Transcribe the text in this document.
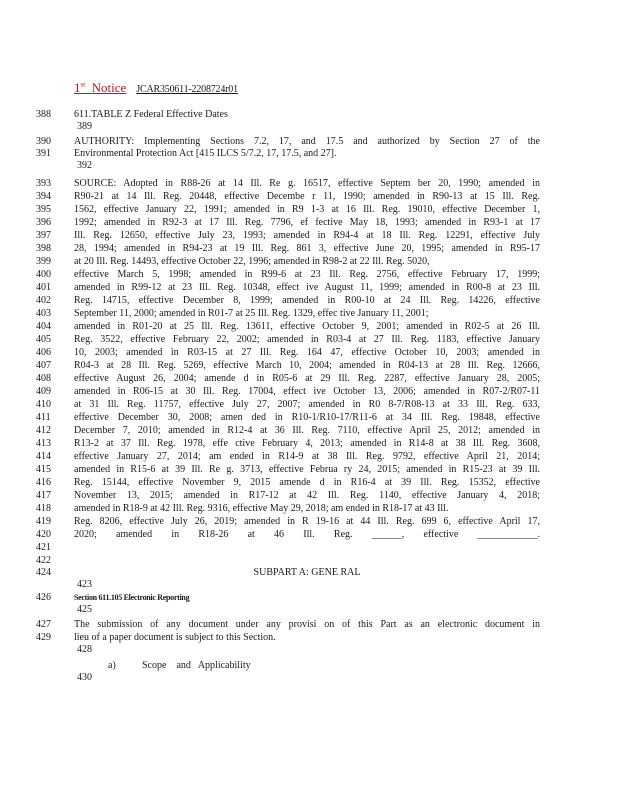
1st Notice JCAR350611-2208724r01
388	611.TABLE Z Federal Effective Dates
389
390	AUTHORITY: Implementing Sections 7.2, 17, and 17.5 and authorized by Section 27 of the
391	Environmental Protection Act [415 ILCS 5/7.2, 17, 17.5, and 27].
392
393	SOURCE: Adopted in R88-26 at 14 Ill. Re g. 16517, effective Septem ber 20, 1990; amended in
394	R90-21 at 14 Ill. Reg. 20448, effective Decembe r 11, 1990; amended in R90-13 at 15 Ill. Reg.
395	1562, effective January 22, 1991; amended in R9 1-3 at 16 Ill. Reg. 19010, effective December 1,
396	1992; amended in R92-3 at 17 Ill. Reg. 7796, ef fective May 18, 1993; amended in R93-1 at 17
397	Ill. Reg. 12650, effective July 23, 1993; amended in R94-4 at 18 Ill. Reg. 12291, effective July
398	28, 1994; amended in R94-23 at 19 Ill. Reg. 861 3, effective June 20, 1995; amended in R95-17
399	at 20 Ill. Reg. 14493, effective October 22, 1996; amended in R98-2 at 22 Ill. Reg. 5020,
400	effective March 5, 1998; amended in R99-6 at 23 Ill. Reg. 2756, effective February 17, 1999;
401	amended in R99-12 at 23 Ill. Reg. 10348, effect ive August 11, 1999; amended in R00-8 at 23 Ill.
402	Reg. 14715, effective December 8, 1999; amended in R00-10 at 24 Ill. Reg. 14226, effective
403	September 11, 2000; amended in R01-7 at 25 Ill. Reg. 1329, effec tive January 11, 2001;
404	amended in R01-20 at 25 Ill. Reg. 13611, effective October 9, 2001; amended in R02-5 at 26 Ill.
405	Reg. 3522, effective February 22, 2002; amended in R03-4 at 27 Ill. Reg. 1183, effective January
406	10, 2003; amended in R03-15 at 27 Ill. Reg. 164 47, effective October 10, 2003; amended in
407	R04-3 at 28 Ill. Reg. 5269, effective March 10, 2004; amended in R04-13 at 28 Ill. Reg. 12666,
408	effective August 26, 2004; amende d in R05-6 at 29 Ill. Reg. 2287, effective January 28, 2005;
409	amended in R06-15 at 30 Ill. Reg. 17004, effect ive October 13, 2006; amended in R07-2/R07-11
410	at 31 Ill. Reg. 11757, effective July 27, 2007; amended in R0 8-7/R08-13 at 33 Ill. Reg. 633,
411	effective December 30, 2008; amen ded in R10-1/R10-17/R11-6 at 34 Ill. Reg. 19848, effective
412	December 7, 2010; amended in R12-4 at 36 Ill. Reg. 7110, effective April 25, 2012; amended in
413	R13-2 at 37 Ill. Reg. 1978, effe ctive February 4, 2013; amended in R14-8 at 38 Ill. Reg. 3608,
414	effective January 27, 2014; am ended in R14-9 at 38 Ill. Reg. 9792, effective April 21, 2014;
415	amended in R15-6 at 39 Ill. Re g. 3713, effective Februa ry 24, 2015; amended in R15-23 at 39 Ill.
416	Reg. 15144, effective November 9, 2015 amende d in R16-4 at 39 Ill. Reg. 15352, effective
417	November 13, 2015; amended in R17-12 at 42 Ill. Reg. 1140, effective January 4, 2018;
418	amended in R18-9 at 42 Ill. Reg. 9316, effective May 29, 2018; am ended in R18-17 at 43 Ill.
419	Reg. 8206, effective July 26, 2019; amended in R 19-16 at 44 Ill. Reg. 699 6, effective April 17,
420	2020; amended in R18-26 at 46 Ill. Reg. ______, effective ____________.
421
422
424	SUBPART A: GENE RAL
423
426	Section 611.105 Electronic Reporting
425
427	The submission of any document under any provisi on of this Part as an electronic document in
429	lieu of a paper document is subject to this Section.
428
a)	Scope    and   Applicability
430
